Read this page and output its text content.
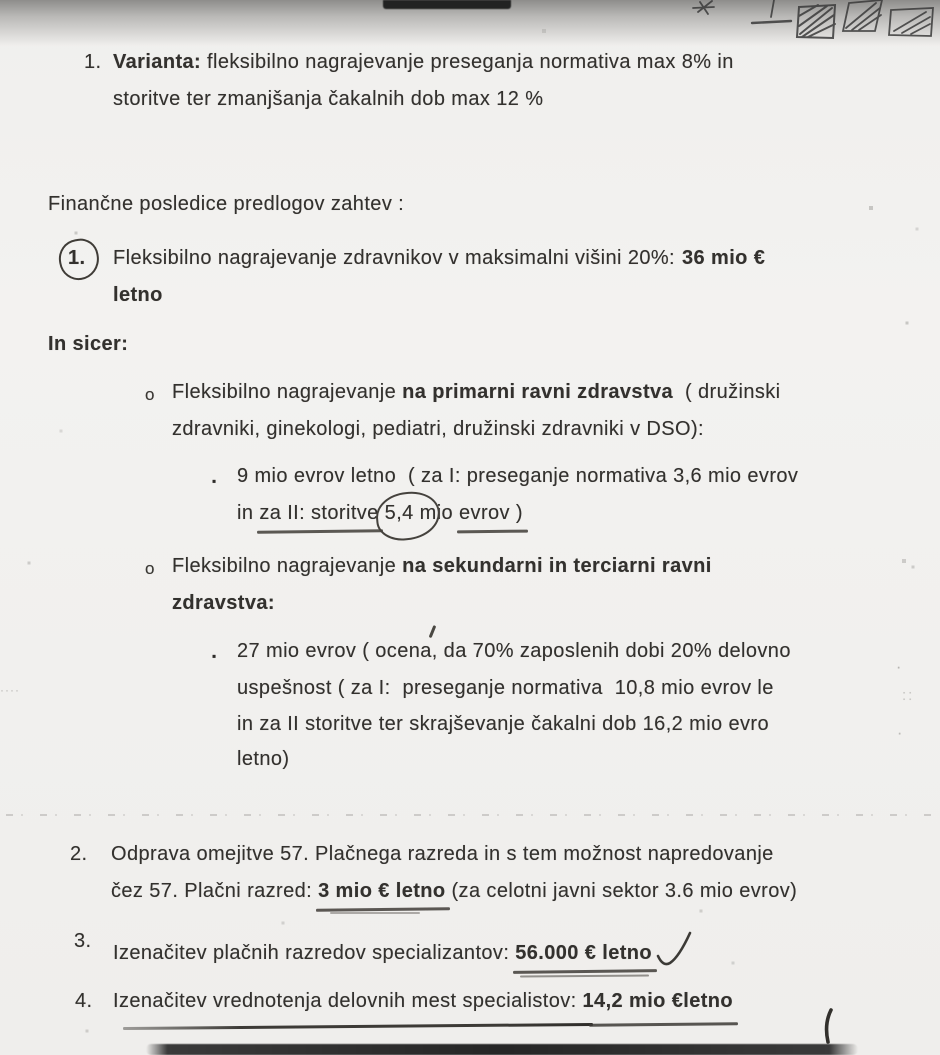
1. Varianta: fleksibilno nagrajevanje preseganja normativa max 8% in
storitve ter zmanjšanja čakalnih dob max 12 %
Finančne posledice predlogov zahtev :
1. Fleksibilno nagrajevanje zdravnikov v maksimalni višini 20%: 36 mio €
letno
In sicer:
o Fleksibilno nagrajevanje na primarni ravni zdravstva  ( družinski
zdravniki, ginekologi, pediatri, družinski zdravniki v DSO):
▪ 9 mio evrov letno  ( za I: preseganje normativa 3,6 mio evrov
in za II: storitve 5,4 mio evrov )
o Fleksibilno nagrajevanje na sekundarni in terciarni ravni
zdravstva:
▪ 27 mio evrov ( ocena, da 70% zaposlenih dobi 20% delovno
uspešnost ( za I:  preseganje normativa  10,8 mio evrov le
in za II storitve ter skrajševanje čakalni dob 16,2 mio evro
letno)
2. Odprava omejitve 57. Plačnega razreda in s tem možnost napredovanje
čez 57. Plačni razred: 3 mio € letno (za celotni javni sektor 3.6 mio evrov)
3.
Izenačitev plačnih razredov specializantov: 56.000 € letno
4. Izenačitev vrednotenja delovnih mest specialistov: 14,2 mio €letno
·
::
·
····
